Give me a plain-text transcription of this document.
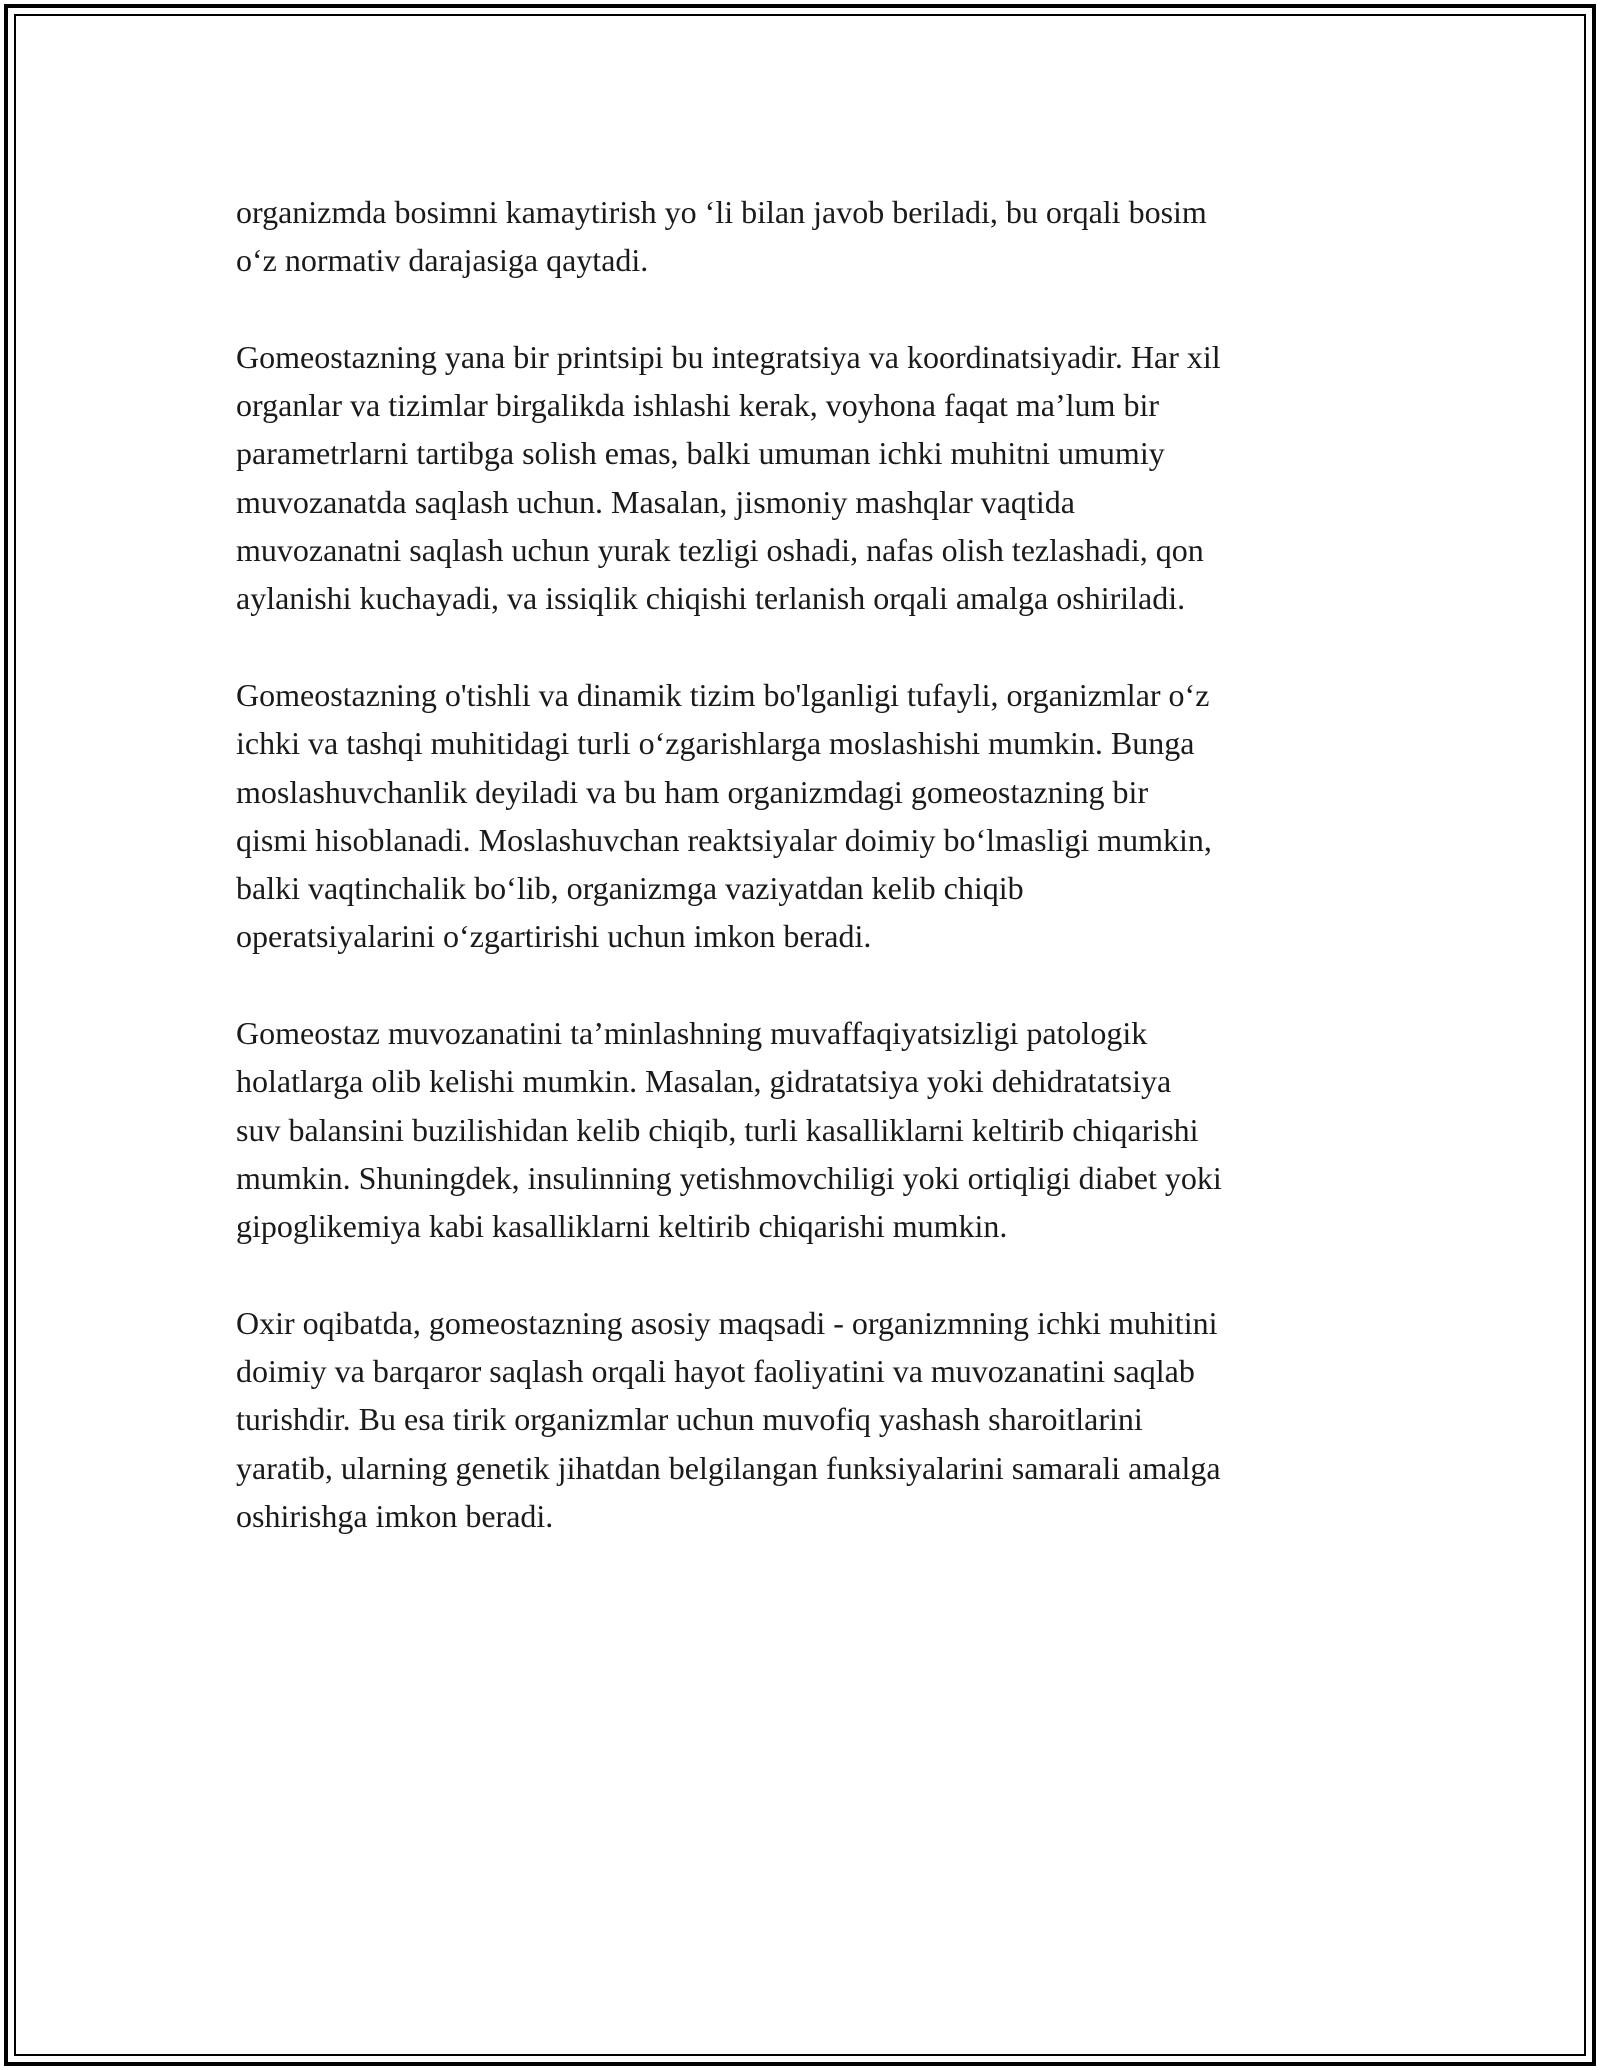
organizmda bosimni kamaytirish yo ‘li bilan javob beriladi, bu orqali bosim
o‘z normativ darajasiga qaytadi.

Gomeostazning yana bir printsipi bu integratsiya va koordinatsiyadir. Har xil
organlar va tizimlar birgalikda ishlashi kerak, voyhona faqat ma’lum bir
parametrlarni tartibga solish emas, balki umuman ichki muhitni umumiy
muvozanatda saqlash uchun. Masalan, jismoniy mashqlar vaqtida
muvozanatni saqlash uchun yurak tezligi oshadi, nafas olish tezlashadi, qon
aylanishi kuchayadi, va issiqlik chiqishi terlanish orqali amalga oshiriladi.

Gomeostazning o'tishli va dinamik tizim bo'lganligi tufayli, organizmlar o‘z
ichki va tashqi muhitidagi turli o‘zgarishlarga moslashishi mumkin. Bunga
moslashuvchanlik deyiladi va bu ham organizmdagi gomeostazning bir
qismi hisoblanadi. Moslashuvchan reaktsiyalar doimiy bo‘lmasligi mumkin,
balki vaqtinchalik bo‘lib, organizmga vaziyatdan kelib chiqib
operatsiyalarini o‘zgartirishi uchun imkon beradi.

Gomeostaz muvozanatini ta’minlashning muvaffaqiyatsizligi patologik
holatlarga olib kelishi mumkin. Masalan, gidratatsiya yoki dehidratatsiya
suv balansini buzilishidan kelib chiqib, turli kasalliklarni keltirib chiqarishi
mumkin. Shuningdek, insulinning yetishmovchiligi yoki ortiqligi diabet yoki
gipoglikemiya kabi kasalliklarni keltirib chiqarishi mumkin.

Oxir oqibatda, gomeostazning asosiy maqsadi - organizmning ichki muhitini
doimiy va barqaror saqlash orqali hayot faoliyatini va muvozanatini saqlab
turishdir. Bu esa tirik organizmlar uchun muvofiq yashash sharoitlarini
yaratib, ularning genetik jihatdan belgilangan funksiyalarini samarali amalga
oshirishga imkon beradi.
